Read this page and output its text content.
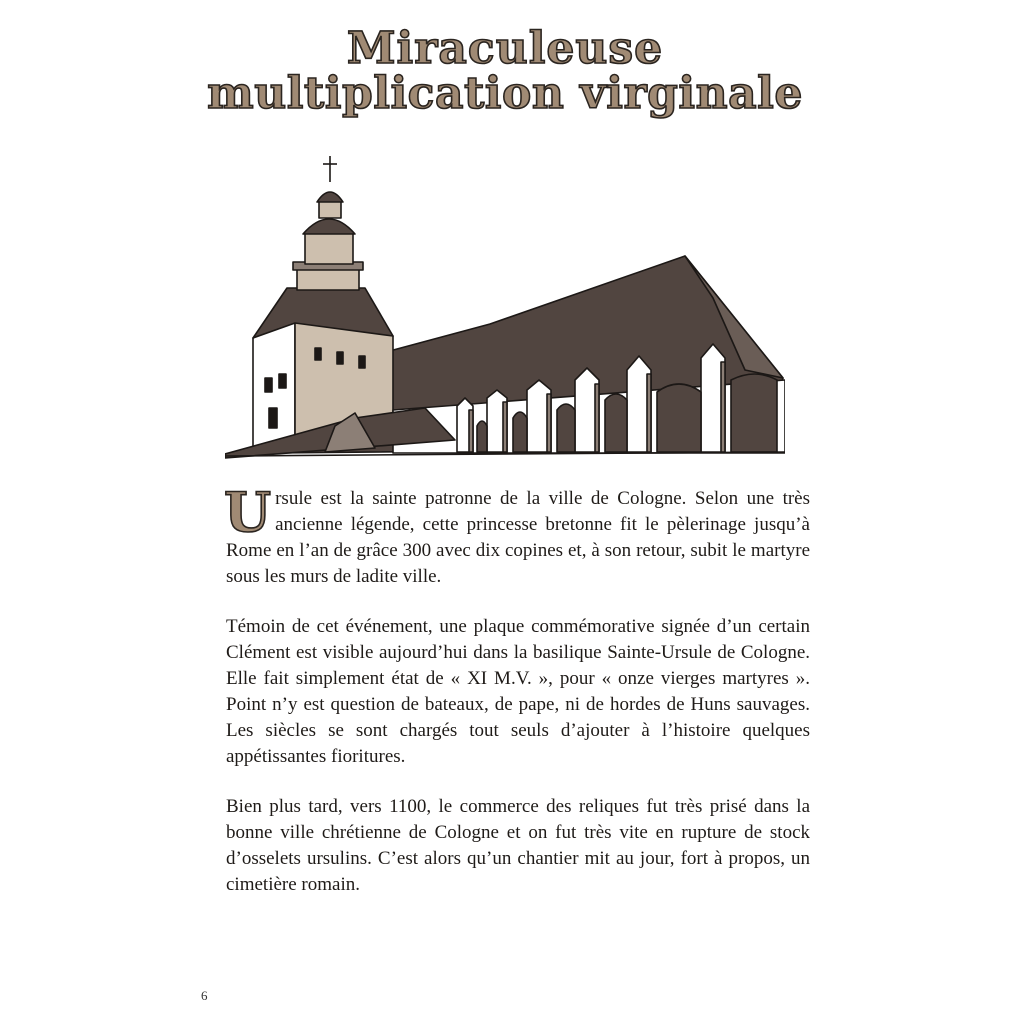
Miraculeuse
multiplication virginale

Ursule est la sainte patronne de la ville de Cologne. Selon une très ancienne légende, cette princesse bretonne fit le pèlerinage jusqu’à Rome en l’an de grâce 300 avec dix copines et, à son retour, subit le martyre sous les murs de ladite ville.

Témoin de cet événement, une plaque commémorative signée d’un certain Clément est visible aujourd’hui dans la basilique Sainte-Ursule de Cologne. Elle fait simplement état de « XI M.V. », pour « onze vierges martyres ». Point n’y est question de bateaux, de pape, ni de hordes de Huns sauvages. Les siècles se sont chargés tout seuls d’ajouter à l’histoire quelques appétissantes fioritures.

Bien plus tard, vers 1100, le commerce des reliques fut très prisé dans la bonne ville chrétienne de Cologne et on fut très vite en rupture de stock d’osselets ursulins. C’est alors qu’un chantier mit au jour, fort à propos, un cimetière romain.

6
